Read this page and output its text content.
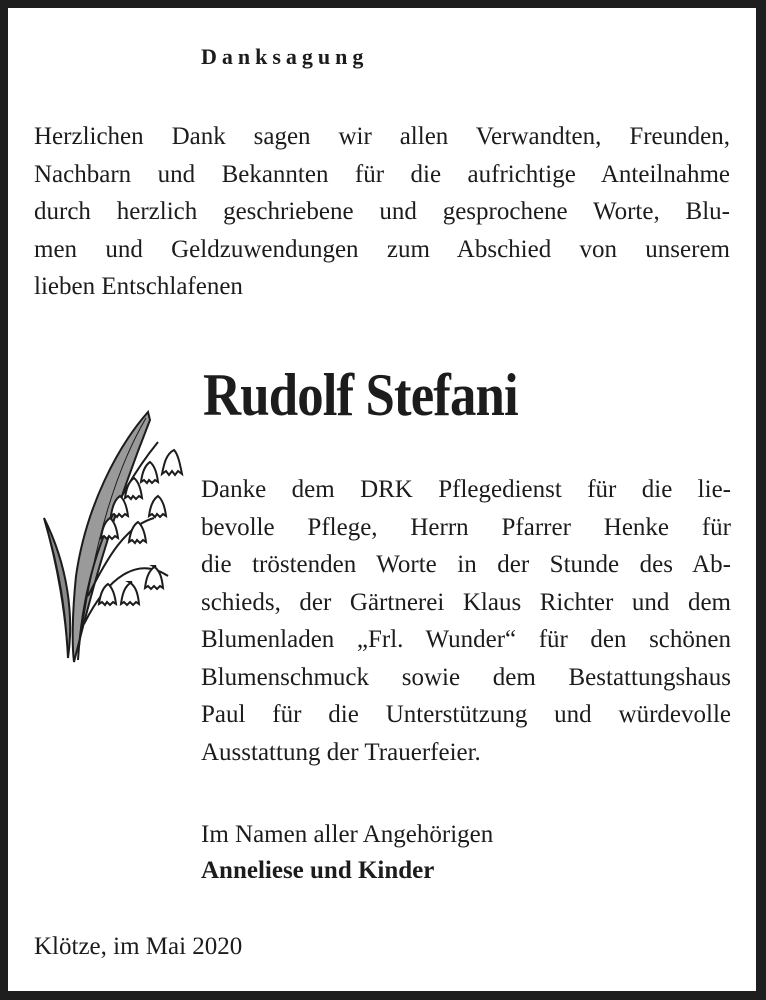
Danksagung
Herzlichen Dank sagen wir allen Verwandten, Freunden,
Nachbarn und Bekannten für die aufrichtige Anteilnahme
durch herzlich geschriebene und gesprochene Worte, Blu-
men und Geldzuwendungen zum Abschied von unserem
lieben Entschlafenen
Rudolf Stefani
Danke dem DRK Pflegedienst für die lie-
bevolle Pflege, Herrn Pfarrer Henke für
die tröstenden Worte in der Stunde des Ab-
schieds, der Gärtnerei Klaus Richter und dem
Blumenladen „Frl. Wunder“ für den schönen
Blumenschmuck sowie dem Bestattungshaus
Paul für die Unterstützung und würdevolle
Ausstattung der Trauerfeier.
Im Namen aller Angehörigen
Anneliese und Kinder
Klötze, im Mai 2020
